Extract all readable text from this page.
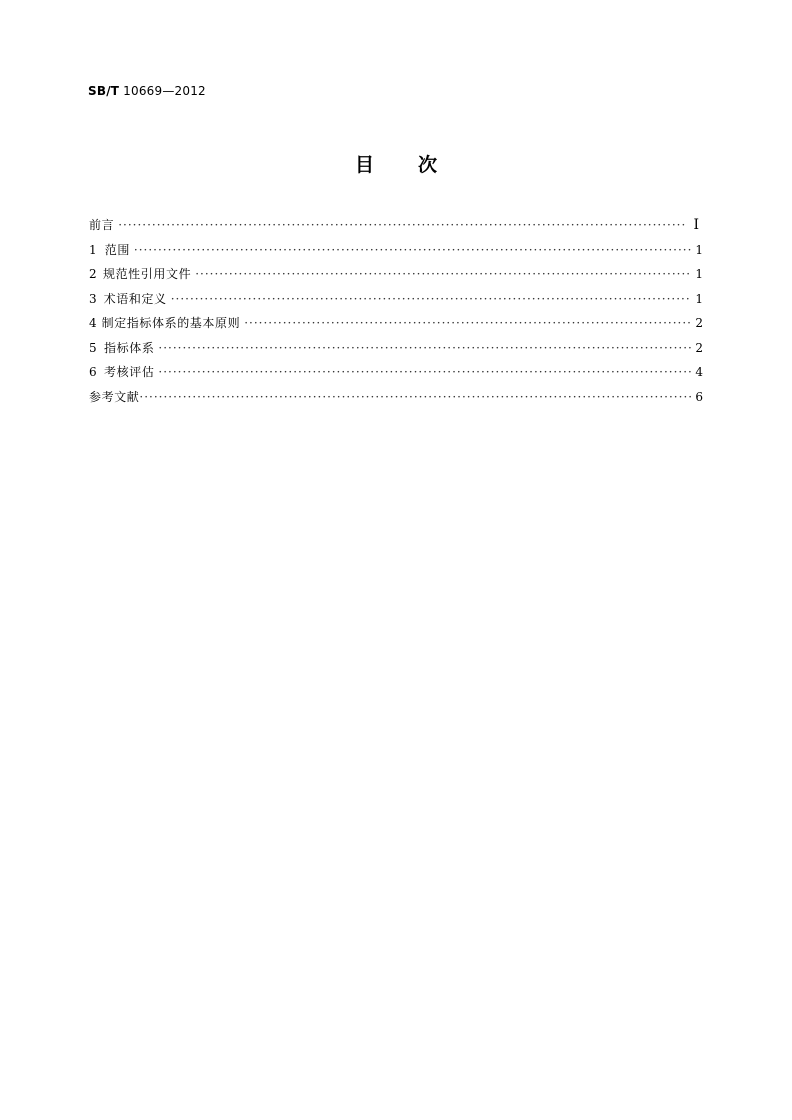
SB/T 10669—2012
目 次
前言 ·····	I
1 范围 ·····	1
2 规范性引用文件 ·····	1
3 术语和定义 ·····	1
4 制定指标体系的基本原则 ·····	2
5 指标体系 ·····	2
6 考核评估 ·····	4
参考文献 ·····	6
